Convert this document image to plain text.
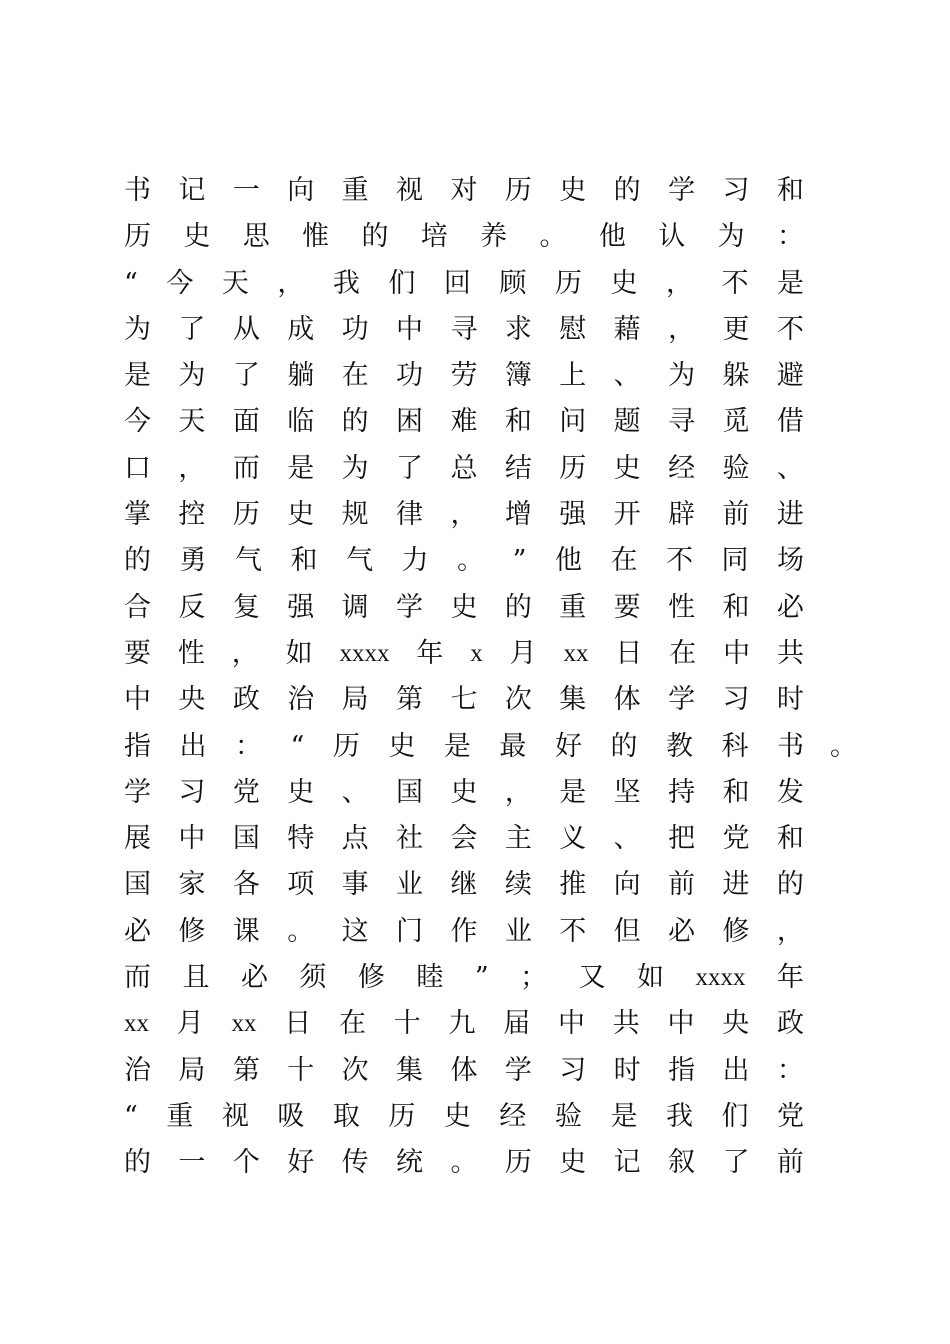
书 记 一 向 重 视 对 历 史 的 学 习 和
历 史 思 惟 的 培 养 。 他 认 为 ：
“ 今 天 ， 我 们 回 顾 历 史 ， 不 是
为 了 从 成 功 中 寻 求 慰 藉 ， 更 不
是 为 了 躺 在 功 劳 簿 上 、 为 躲 避
今 天 面 临 的 困 难 和 问 题 寻 觅 借
口 ， 而 是 为 了 总 结 历 史 经 验 、
掌 控 历 史 规 律 ， 增 强 开 辟 前 进
的 勇 气 和 气 力 。 ” 他 在 不 同 场
合 反 复 强 调 学 史 的 重 要 性 和 必
要 性 ， 如 xxxx 年 x 月 xx 日 在 中 共
中 央 政 治 局 第 七 次 集 体 学 习 时
指 出 ： “ 历 史 是 最 好 的 教 科 书
学 习 党 史 、 国 史 ， 是 坚 持 和 发
展 中 国 特 点 社 会 主 义 、 把 党 和
国 家 各 项 事 业 继 续 推 向 前 进 的
必 修 课 。 这 门 作 业 不 但 必 修 ，
而 且 必 须 修 睦 ” ； 又 如 xxxx 年
xx 月 xx 日 在 十 九 届 中 共 中 央 政
治 局 第 十 次 集 体 学 习 时 指 出 ：
“ 重 视 吸 取 历 史 经 验 是 我 们 党
的 一 个 好 传 统 。 历 史 记 叙 了 前
。
